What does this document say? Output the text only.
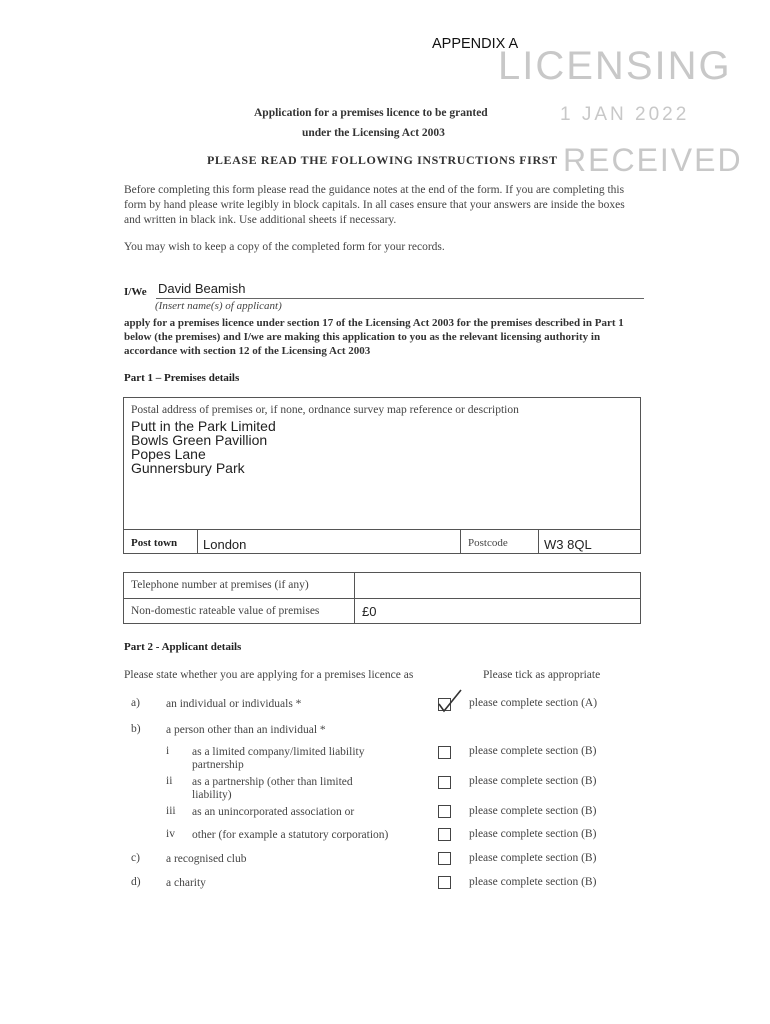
APPENDIX A
LICENSING
1 JAN 2022
RECEIVED
Application for a premises licence to be granted
under the Licensing Act 2003
PLEASE READ THE FOLLOWING INSTRUCTIONS FIRST
Before completing this form please read the guidance notes at the end of the form. If you are completing this form by hand please write legibly in block capitals. In all cases ensure that your answers are inside the boxes and written in black ink. Use additional sheets if necessary.
You may wish to keep a copy of the completed form for your records.
I/We David Beamish
(Insert name(s) of applicant)
apply for a premises licence under section 17 of the Licensing Act 2003 for the premises described in Part 1 below (the premises) and I/we are making this application to you as the relevant licensing authority in accordance with section 12 of the Licensing Act 2003
Part 1 – Premises details
Postal address of premises or, if none, ordnance survey map reference or description
Putt in the Park Limited
Bowls Green Pavillion
Popes Lane
Gunnersbury Park
Post town London	Postcode	W3 8QL
Telephone number at premises (if any)
Non-domestic rateable value of premises	£0
Part 2 - Applicant details
Please state whether you are applying for a premises licence as	Please tick as appropriate
a) an individual or individuals *	please complete section (A)
b) a person other than an individual *
i as a limited company/limited liability partnership
please complete section (B)
ii as a partnership (other than limited liability)
please complete section (B)
iii as an unincorporated association or	please complete section (B)
iv other (for example a statutory corporation)	please complete section (B)
c) a recognised club	please complete section (B)
d) a charity	please complete section (B)
